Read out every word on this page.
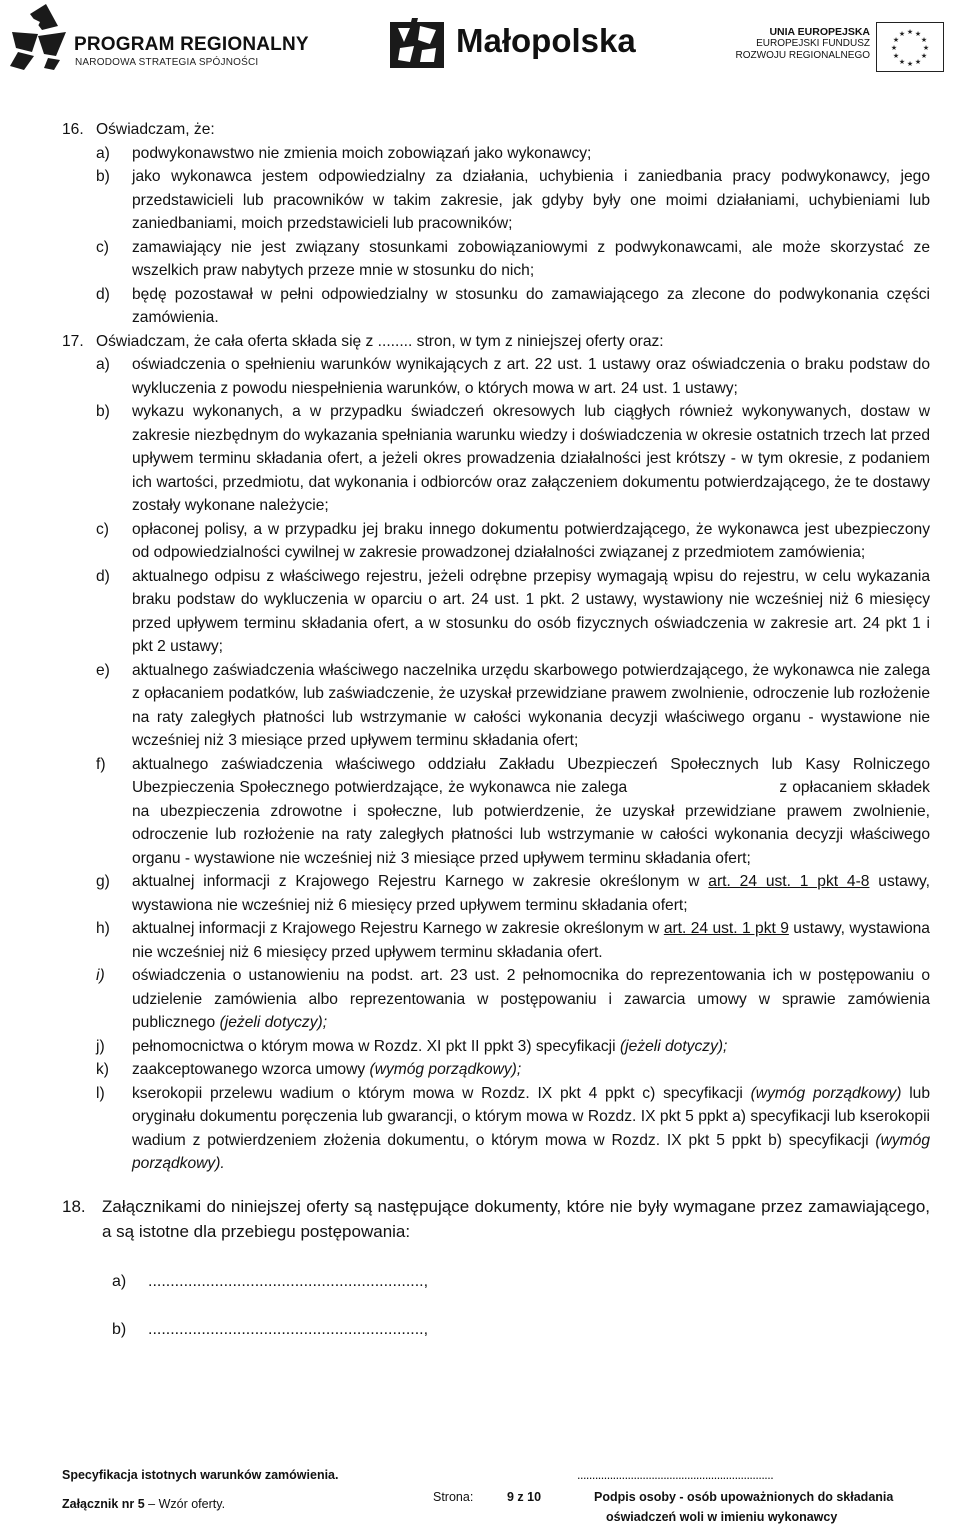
PROGRAM REGIONALNY
NARODOWA STRATEGIA SPÓJNOŚCI
Małopolska	UNIA EUROPEJSKA
EUROPEJSKI FUNDUSZ
ROZWOJU REGIONALNEGO
★ ★
★
★
★
★
★
★
★
★
★
★
16. Oświadczam, że:
a) podwykonawstwo nie zmienia moich zobowiązań jako wykonawcy;
b) jako wykonawca jestem odpowiedzialny za działania, uchybienia i zaniedbania pracy podwykonawcy, jego przedstawicieli lub pracowników w takim zakresie, jak gdyby były one moimi działaniami, uchybieniami lub zaniedbaniami, moich przedstawicieli lub pracowników;
c) zamawiający nie jest związany stosunkami zobowiązaniowymi z podwykonawcami, ale może skorzystać ze wszelkich praw nabytych przeze mnie w stosunku do nich;
d) będę pozostawał w pełni odpowiedzialny w stosunku do zamawiającego za zlecone do podwykonania części zamówienia.
17. Oświadczam, że cała oferta składa się z ........ stron, w tym z niniejszej oferty oraz:
a) oświadczenia o spełnieniu warunków wynikających z art. 22 ust. 1 ustawy oraz oświadczenia o braku podstaw do wykluczenia z powodu niespełnienia warunków, o których mowa w art. 24 ust. 1 ustawy;
b) wykazu wykonanych, a w przypadku świadczeń okresowych lub ciągłych również wykonywanych, dostaw w zakresie niezbędnym do wykazania spełniania warunku wiedzy i doświadczenia w okresie ostatnich trzech lat przed upływem terminu składania ofert, a jeżeli okres prowadzenia działalności jest krótszy - w tym okresie, z podaniem ich wartości, przedmiotu, dat wykonania i odbiorców oraz załączeniem dokumentu potwierdzającego, że te dostawy zostały wykonane należycie;
c) opłaconej polisy, a w przypadku jej braku innego dokumentu potwierdzającego, że wykonawca jest ubezpieczony od odpowiedzialności cywilnej w zakresie prowadzonej działalności związanej z przedmiotem zamówienia;
d) aktualnego odpisu z właściwego rejestru, jeżeli odrębne przepisy wymagają wpisu do rejestru, w celu wykazania braku podstaw do wykluczenia w oparciu o art. 24 ust. 1 pkt. 2 ustawy, wystawiony nie wcześniej niż 6 miesięcy przed upływem terminu składania ofert, a w stosunku do osób fizycznych oświadczenia w zakresie art. 24 pkt 1 i pkt 2 ustawy;
e) aktualnego zaświadczenia właściwego naczelnika urzędu skarbowego potwierdzającego, że wykonawca nie zalega z opłacaniem podatków, lub zaświadczenie, że uzyskał przewidziane prawem zwolnienie, odroczenie lub rozłożenie na raty zaległych płatności lub wstrzymanie w całości wykonania decyzji właściwego organu - wystawione nie wcześniej niż 3 miesiące przed upływem terminu składania ofert;
f) aktualnego zaświadczenia właściwego oddziału Zakładu Ubezpieczeń Społecznych lub Kasy Rolniczego Ubezpieczenia Społecznego potwierdzające, że wykonawca nie zalega	z opłacaniem składek na ubezpieczenia zdrowotne i społeczne, lub potwierdzenie, że uzyskał przewidziane prawem zwolnienie, odroczenie lub rozłożenie na raty zaległych płatności lub wstrzymanie w całości wykonania decyzji właściwego organu - wystawione nie wcześniej niż 3 miesiące przed upływem terminu składania ofert;
g) aktualnej informacji z Krajowego Rejestru Karnego w zakresie określonym w art. 24 ust. 1 pkt 4-8 ustawy, wystawiona nie wcześniej niż 6 miesięcy przed upływem terminu składania ofert;
h) aktualnej informacji z Krajowego Rejestru Karnego w zakresie określonym w art. 24 ust. 1 pkt 9 ustawy, wystawiona nie wcześniej niż 6 miesięcy przed upływem terminu składania ofert.
i) oświadczenia o ustanowieniu na podst. art. 23 ust. 2 pełnomocnika do reprezentowania ich w postępowaniu o udzielenie zamówienia albo reprezentowania w postępowaniu i zawarcia umowy w sprawie zamówienia publicznego (jeżeli dotyczy);
j) pełnomocnictwa o którym mowa w Rozdz. XI pkt II ppkt 3) specyfikacji (jeżeli dotyczy);
k) zaakceptowanego wzorca umowy (wymóg porządkowy);
l) kserokopii przelewu wadium o którym mowa w Rozdz. IX pkt 4 ppkt c) specyfikacji (wymóg porządkowy) lub oryginału dokumentu poręczenia lub gwarancji, o którym mowa w Rozdz. IX pkt 5 ppkt a) specyfikacji lub kserokopii wadium z potwierdzeniem złożenia dokumentu, o którym mowa w Rozdz. IX pkt 5 ppkt b) specyfikacji (wymóg porządkowy).
18. Załącznikami do niniejszej oferty są następujące dokumenty, które nie były wymagane przez zamawiającego, a są istotne dla przebiegu postępowania:
a) ..............................................................,
b) ..............................................................,
Specyfikacja istotnych warunków zamówienia.
Załącznik nr 5 – Wzór oferty.	Strona:	9 z 10
..................................................................
Podpis osoby - osób upoważnionych do składania
oświadczeń woli w imieniu wykonawcy
